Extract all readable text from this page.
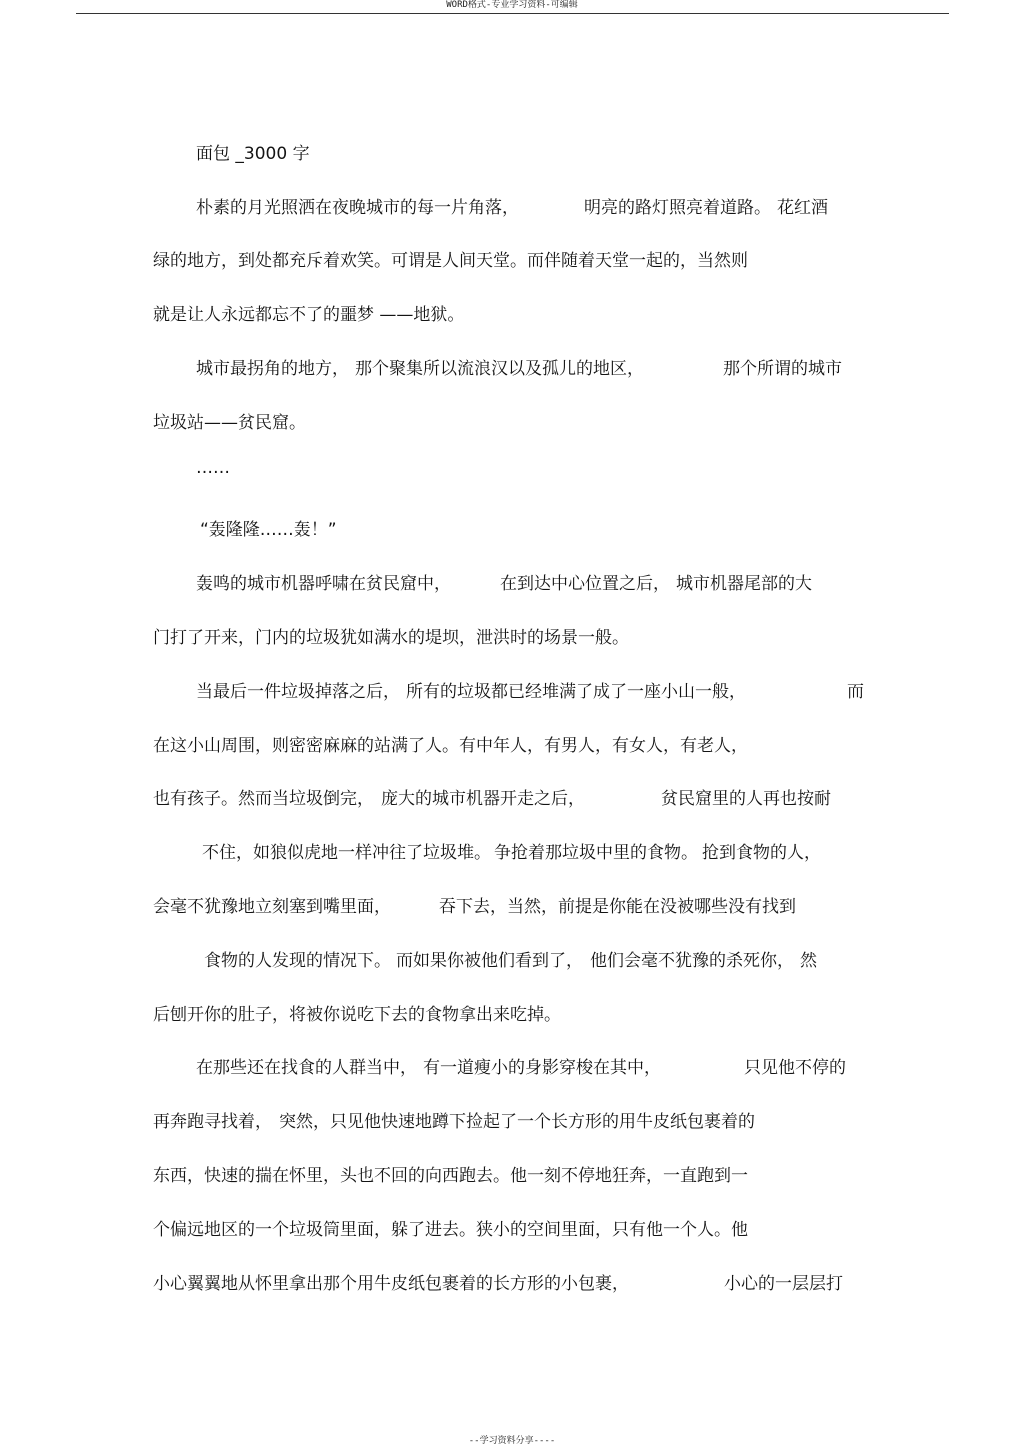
WORD格式-专业学习资料-可编辑
面包 _3000 字
朴素的月光照洒在夜晚城市的每一片角落，	明亮的路灯照亮着道路。 花红酒
绿的地方，到处都充斥着欢笑。可谓是人间天堂。而伴随着天堂一起的，当然则
就是让人永远都忘不了的噩梦 ——地狱。
城市最拐角的地方， 那个聚集所以流浪汉以及孤儿的地区，	那个所谓的城市
垃圾站——贫民窟。
……
“轰隆隆……轰！”
轰鸣的城市机器呼啸在贫民窟中，	在到达中心位置之后， 城市机器尾部的大
门打了开来，门内的垃圾犹如满水的堤坝，泄洪时的场景一般。
当最后一件垃圾掉落之后， 所有的垃圾都已经堆满了成了一座小山一般，	而
在这小山周围，则密密麻麻的站满了人。有中年人，有男人，有女人，有老人，
也有孩子。然而当垃圾倒完， 庞大的城市机器开走之后，	贫民窟里的人再也按耐
不住，如狼似虎地一样冲往了垃圾堆。 争抢着那垃圾中里的食物。 抢到食物的人，
会毫不犹豫地立刻塞到嘴里面，	吞下去，当然，前提是你能在没被哪些没有找到
食物的人发现的情况下。 而如果你被他们看到了， 他们会毫不犹豫的杀死你， 然
后刨开你的肚子，将被你说吃下去的食物拿出来吃掉。
在那些还在找食的人群当中， 有一道瘦小的身影穿梭在其中，	只见他不停的
再奔跑寻找着， 突然，只见他快速地蹲下捡起了一个长方形的用牛皮纸包裹着的
东西，快速的揣在怀里，头也不回的向西跑去。他一刻不停地狂奔，一直跑到一
个偏远地区的一个垃圾筒里面，躲了进去。狭小的空间里面，只有他一个人。他
小心翼翼地从怀里拿出那个用牛皮纸包裹着的长方形的小包裹，	小心的一层层打
--学习资料分享----
